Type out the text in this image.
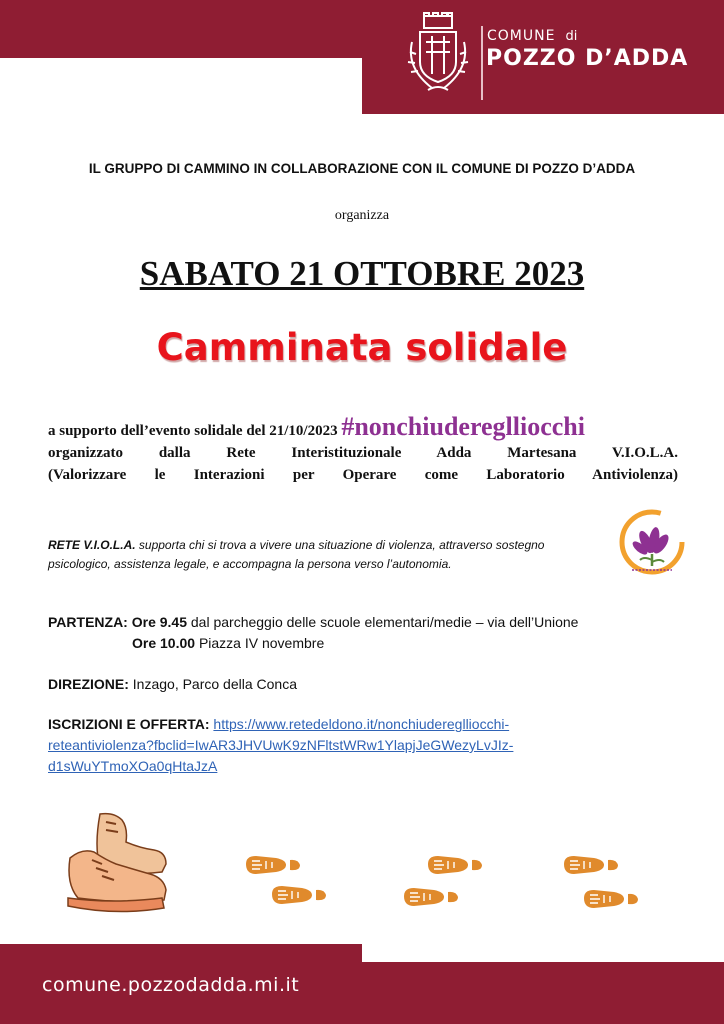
COMUNE di
POZZO D’ADDA
IL GRUPPO DI CAMMINO IN COLLABORAZIONE CON IL COMUNE DI POZZO D’ADDA
organizza
SABATO 21 OTTOBRE 2023
Camminata solidale
a supporto dell’evento solidale del 21/10/2023 #nonchiudereglliocchi
organizzato dalla Rete Interistituzionale Adda Martesana V.I.O.L.A.
(Valorizzare le Interazioni per Operare come Laboratorio Antiviolenza)
RETE V.I.O.L.A. supporta chi si trova a vivere una situazione di violenza, attraverso sostegno psicologico, assistenza legale, e accompagna la persona verso l’autonomia.
PARTENZA: Ore 9.45 dal parcheggio delle scuole elementari/medie – via dell’Unione
Ore 10.00 Piazza IV novembre
DIREZIONE: Inzago, Parco della Conca
ISCRIZIONI E OFFERTA: https://www.retedeldono.it/nonchiudereglliocchi-
reteantiviolenza?fbclid=IwAR3JHVUwK9zNFltstWRw1YlapjJeGWezyLvJIz-
d1sWuYTmoXOa0qHtaJzA
comune.pozzodadda.mi.it
